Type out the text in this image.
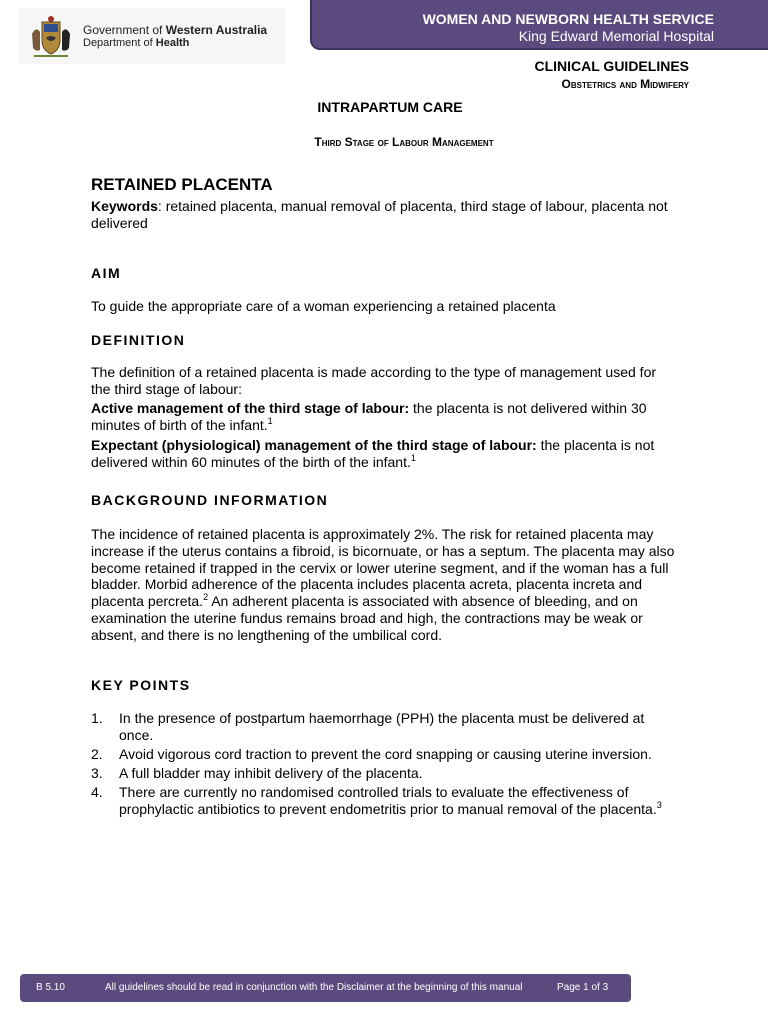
Government of Western Australia
Department of Health
WOMEN AND NEWBORN HEALTH SERVICE
King Edward Memorial Hospital
CLINICAL GUIDELINES
Obstetrics and Midwifery
INTRAPARTUM CARE
Third Stage of Labour Management
RETAINED PLACENTA

Keywords: retained placenta, manual removal of placenta, third stage of labour, placenta not delivered

AIM
To guide the appropriate care of a woman experiencing a retained placenta
DEFINITION

The definition of a retained placenta is made according to the type of management used for the third stage of labour:

Active management of the third stage of labour: the placenta is not delivered within 30 minutes of birth of the infant.$^1$

Expectant (physiological) management of the third stage of labour: the placenta is not delivered within 60 minutes of the birth of the infant.$^1$

BACKGROUND INFORMATION

The incidence of retained placenta is approximately 2%. The risk for retained placenta may increase if the uterus contains a fibroid, is bicornuate, or has a septum. The placenta may also become retained if trapped in the cervix or lower uterine segment, and if the woman has a full bladder. Morbid adherence of the placenta includes placenta acreta, placenta increta and placenta percreta.$^2$ An adherent placenta is associated with absence of bleeding, and on examination the uterine fundus remains broad and high, the contractions may be weak or absent, and there is no lengthening of the umbilical cord.

KEY POINTS
1. In the presence of postpartum haemorrhage (PPH) the placenta must be delivered at once.
2. Avoid vigorous cord traction to prevent the cord snapping or causing uterine inversion.
3. A full bladder may inhibit delivery of the placenta.
4. There are currently no randomised controlled trials to evaluate the effectiveness of prophylactic antibiotics to prevent endometritis prior to manual removal of the placenta.$^3$
B 5.10	All guidelines should be read in conjunction with the Disclaimer at the beginning of this manual	Page 1 of 3
